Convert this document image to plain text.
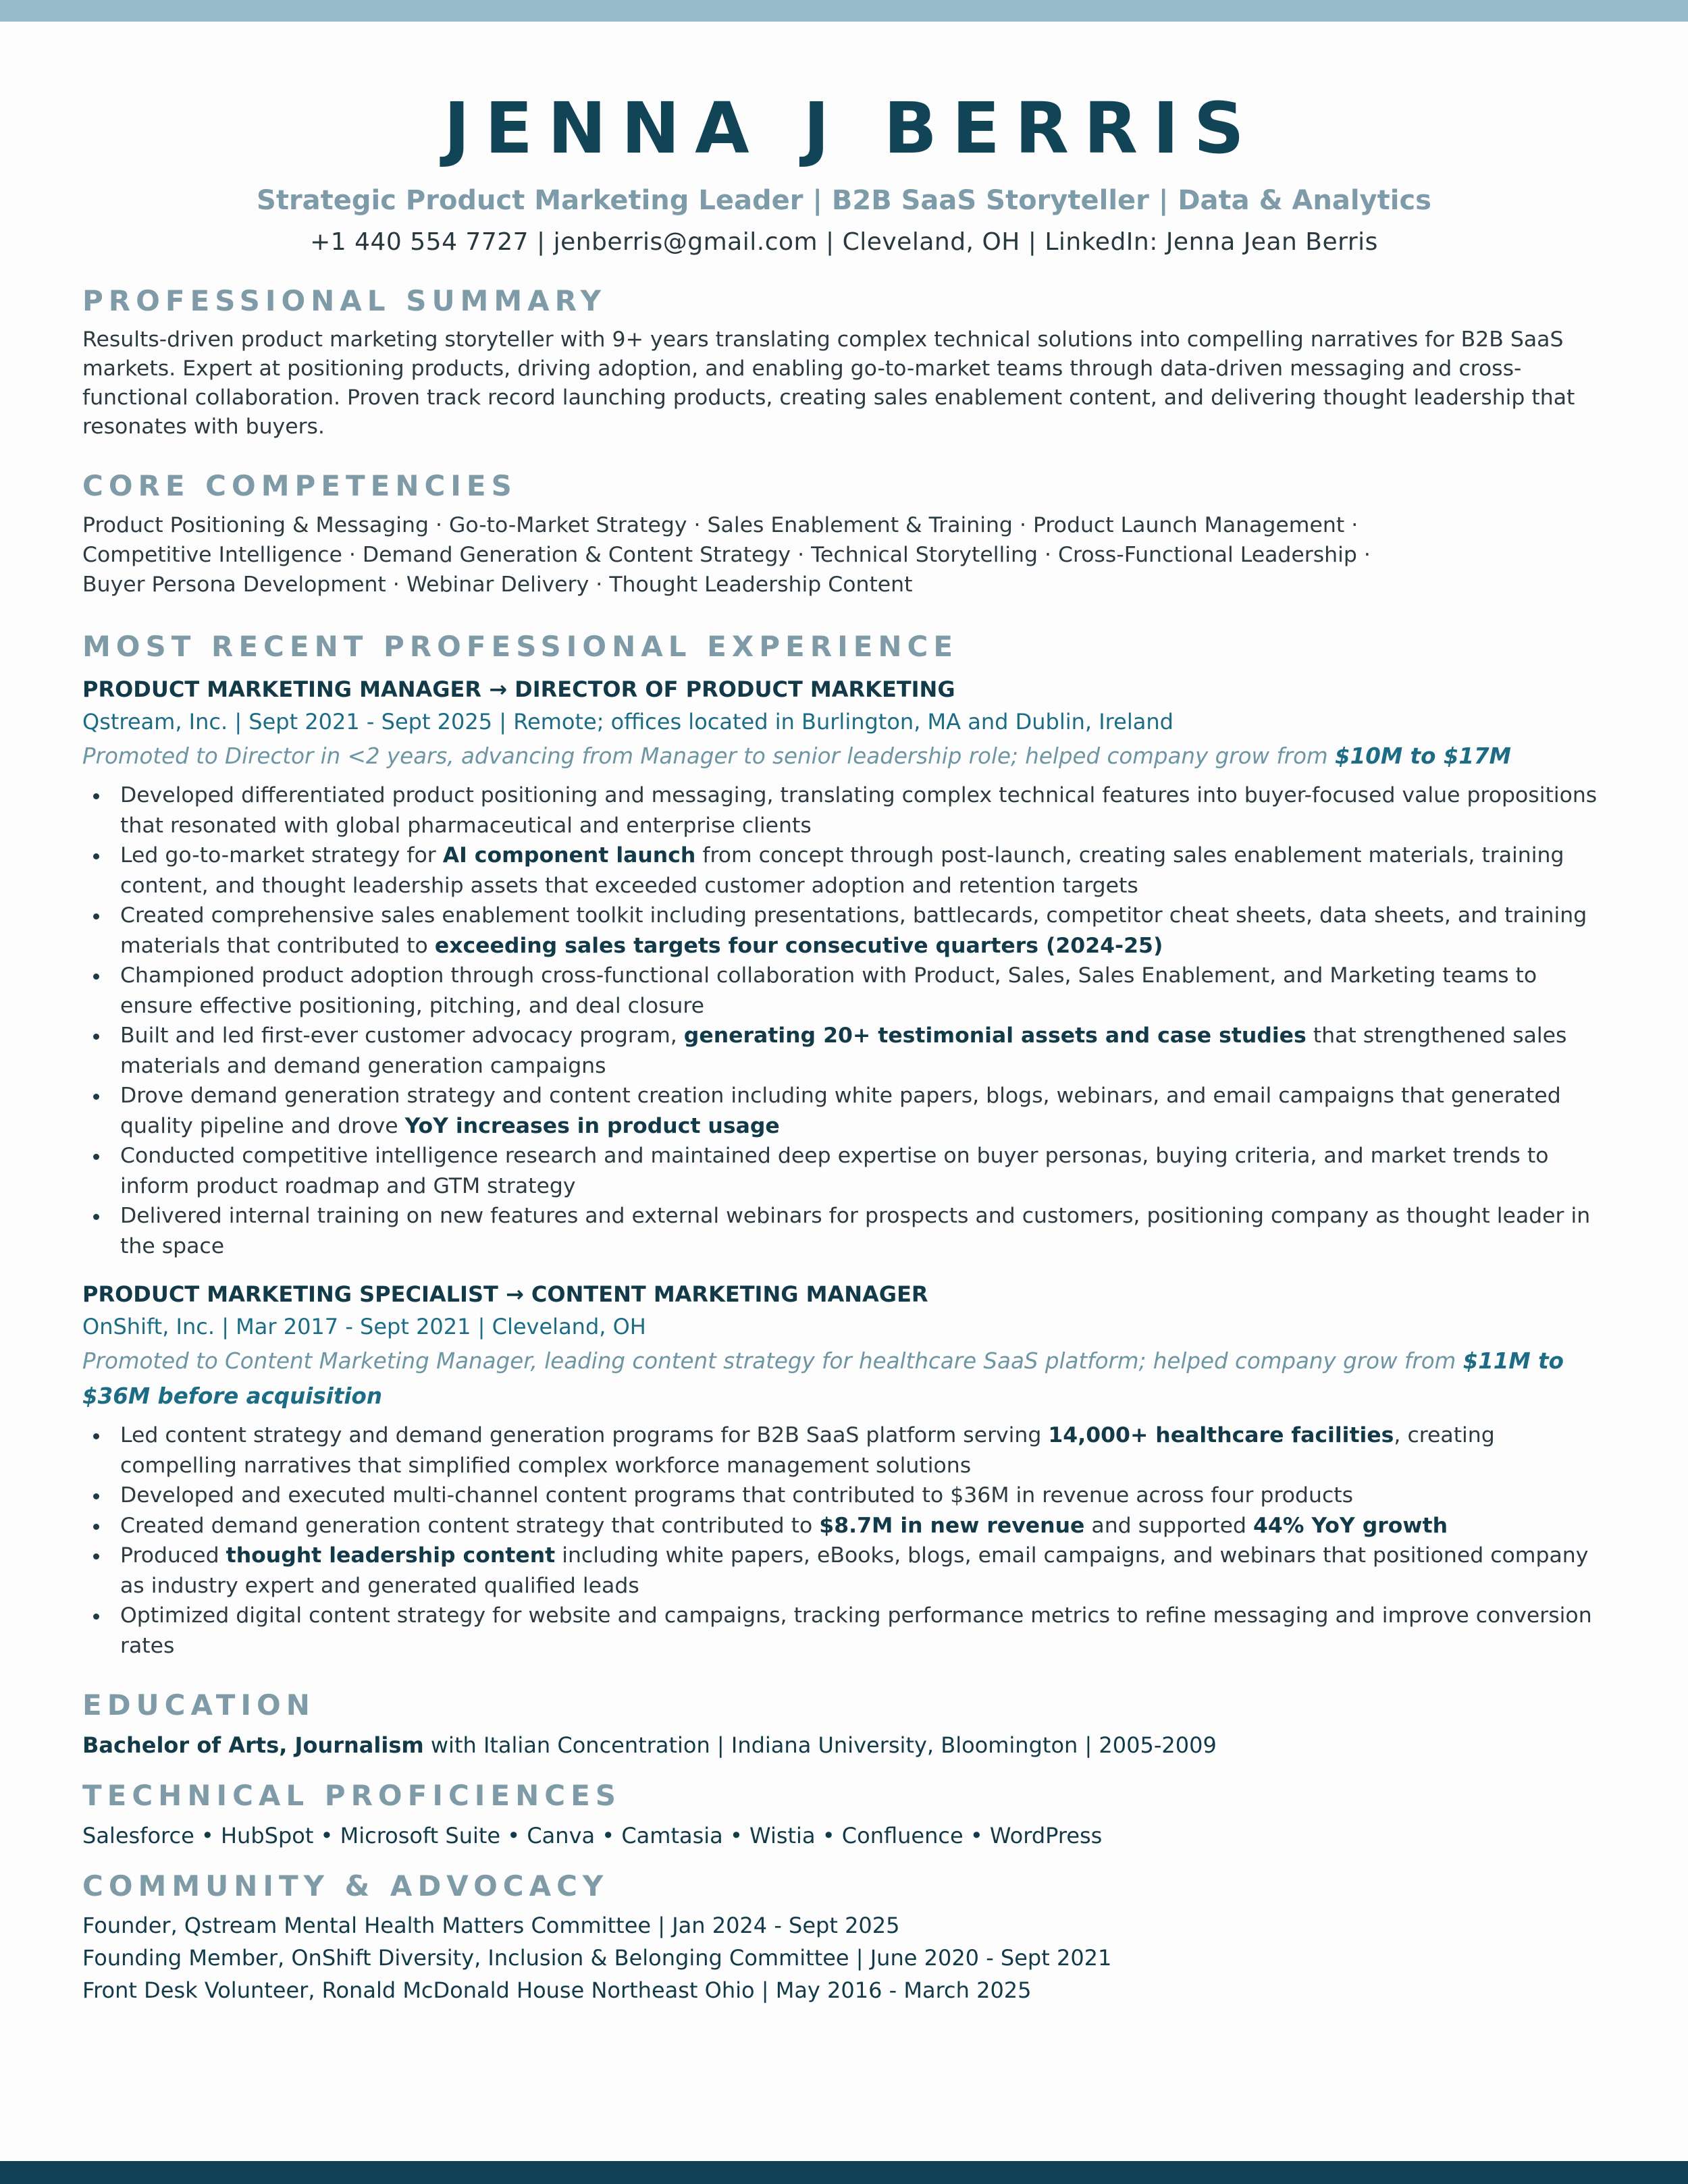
JENNA J BERRIS
Strategic Product Marketing Leader | B2B SaaS Storyteller | Data & Analytics
+1 440 554 7727 | jenberris@gmail.com | Cleveland, OH | LinkedIn: Jenna Jean Berris
PROFESSIONAL SUMMARY

Results-driven product marketing storyteller with 9+ years translating complex technical solutions into compelling narratives for B2B SaaS markets. Expert at positioning products, driving adoption, and enabling go-to-market teams through data-driven messaging and cross-functional collaboration. Proven track record launching products, creating sales enablement content, and delivering thought leadership that resonates with buyers.

CORE COMPETENCIES

Product Positioning & Messaging · Go-to-Market Strategy · Sales Enablement & Training · Product Launch Management ·
Competitive Intelligence · Demand Generation & Content Strategy · Technical Storytelling · Cross-Functional Leadership ·
Buyer Persona Development · Webinar Delivery · Thought Leadership Content

MOST RECENT PROFESSIONAL EXPERIENCE
PRODUCT MARKETING MANAGER → DIRECTOR OF PRODUCT MARKETING

Qstream, Inc. | Sept 2021 - Sept 2025 | Remote; offices located in Burlington, MA and Dublin, Ireland

Promoted to Director in <2 years, advancing from Manager to senior leadership role; helped company grow from $10M to $17M

Developed differentiated product positioning and messaging, translating complex technical features into buyer-focused value propositions that resonated with global pharmaceutical and enterprise clients
Led go-to-market strategy for AI component launch from concept through post-launch, creating sales enablement materials, training content, and thought leadership assets that exceeded customer adoption and retention targets
Created comprehensive sales enablement toolkit including presentations, battlecards, competitor cheat sheets, data sheets, and training materials that contributed to exceeding sales targets four consecutive quarters (2024-25)
Championed product adoption through cross-functional collaboration with Product, Sales, Sales Enablement, and Marketing teams to ensure effective positioning, pitching, and deal closure
Built and led first-ever customer advocacy program, generating 20+ testimonial assets and case studies that strengthened sales materials and demand generation campaigns
Drove demand generation strategy and content creation including white papers, blogs, webinars, and email campaigns that generated quality pipeline and drove YoY increases in product usage
Conducted competitive intelligence research and maintained deep expertise on buyer personas, buying criteria, and market trends to inform product roadmap and GTM strategy
Delivered internal training on new features and external webinars for prospects and customers, positioning company as thought leader in the space
PRODUCT MARKETING SPECIALIST → CONTENT MARKETING MANAGER

OnShift, Inc. | Mar 2017 - Sept 2021 | Cleveland, OH

Promoted to Content Marketing Manager, leading content strategy for healthcare SaaS platform; helped company grow from $11M to $36M before acquisition

Led content strategy and demand generation programs for B2B SaaS platform serving 14,000+ healthcare facilities, creating compelling narratives that simplified complex workforce management solutions
Developed and executed multi-channel content programs that contributed to $36M in revenue across four products
Created demand generation content strategy that contributed to $8.7M in new revenue and supported 44% YoY growth
Produced thought leadership content including white papers, eBooks, blogs, email campaigns, and webinars that positioned company as industry expert and generated qualified leads
Optimized digital content strategy for website and campaigns, tracking performance metrics to refine messaging and improve conversion rates
EDUCATION

Bachelor of Arts, Journalism with Italian Concentration | Indiana University, Bloomington | 2005-2009

TECHNICAL PROFICIENCES

Salesforce • HubSpot • Microsoft Suite • Canva • Camtasia • Wistia • Confluence • WordPress

COMMUNITY & ADVOCACY

Founder, Qstream Mental Health Matters Committee | Jan 2024 - Sept 2025

Founding Member, OnShift Diversity, Inclusion & Belonging Committee | June 2020 - Sept 2021

Front Desk Volunteer, Ronald McDonald House Northeast Ohio | May 2016 - March 2025
